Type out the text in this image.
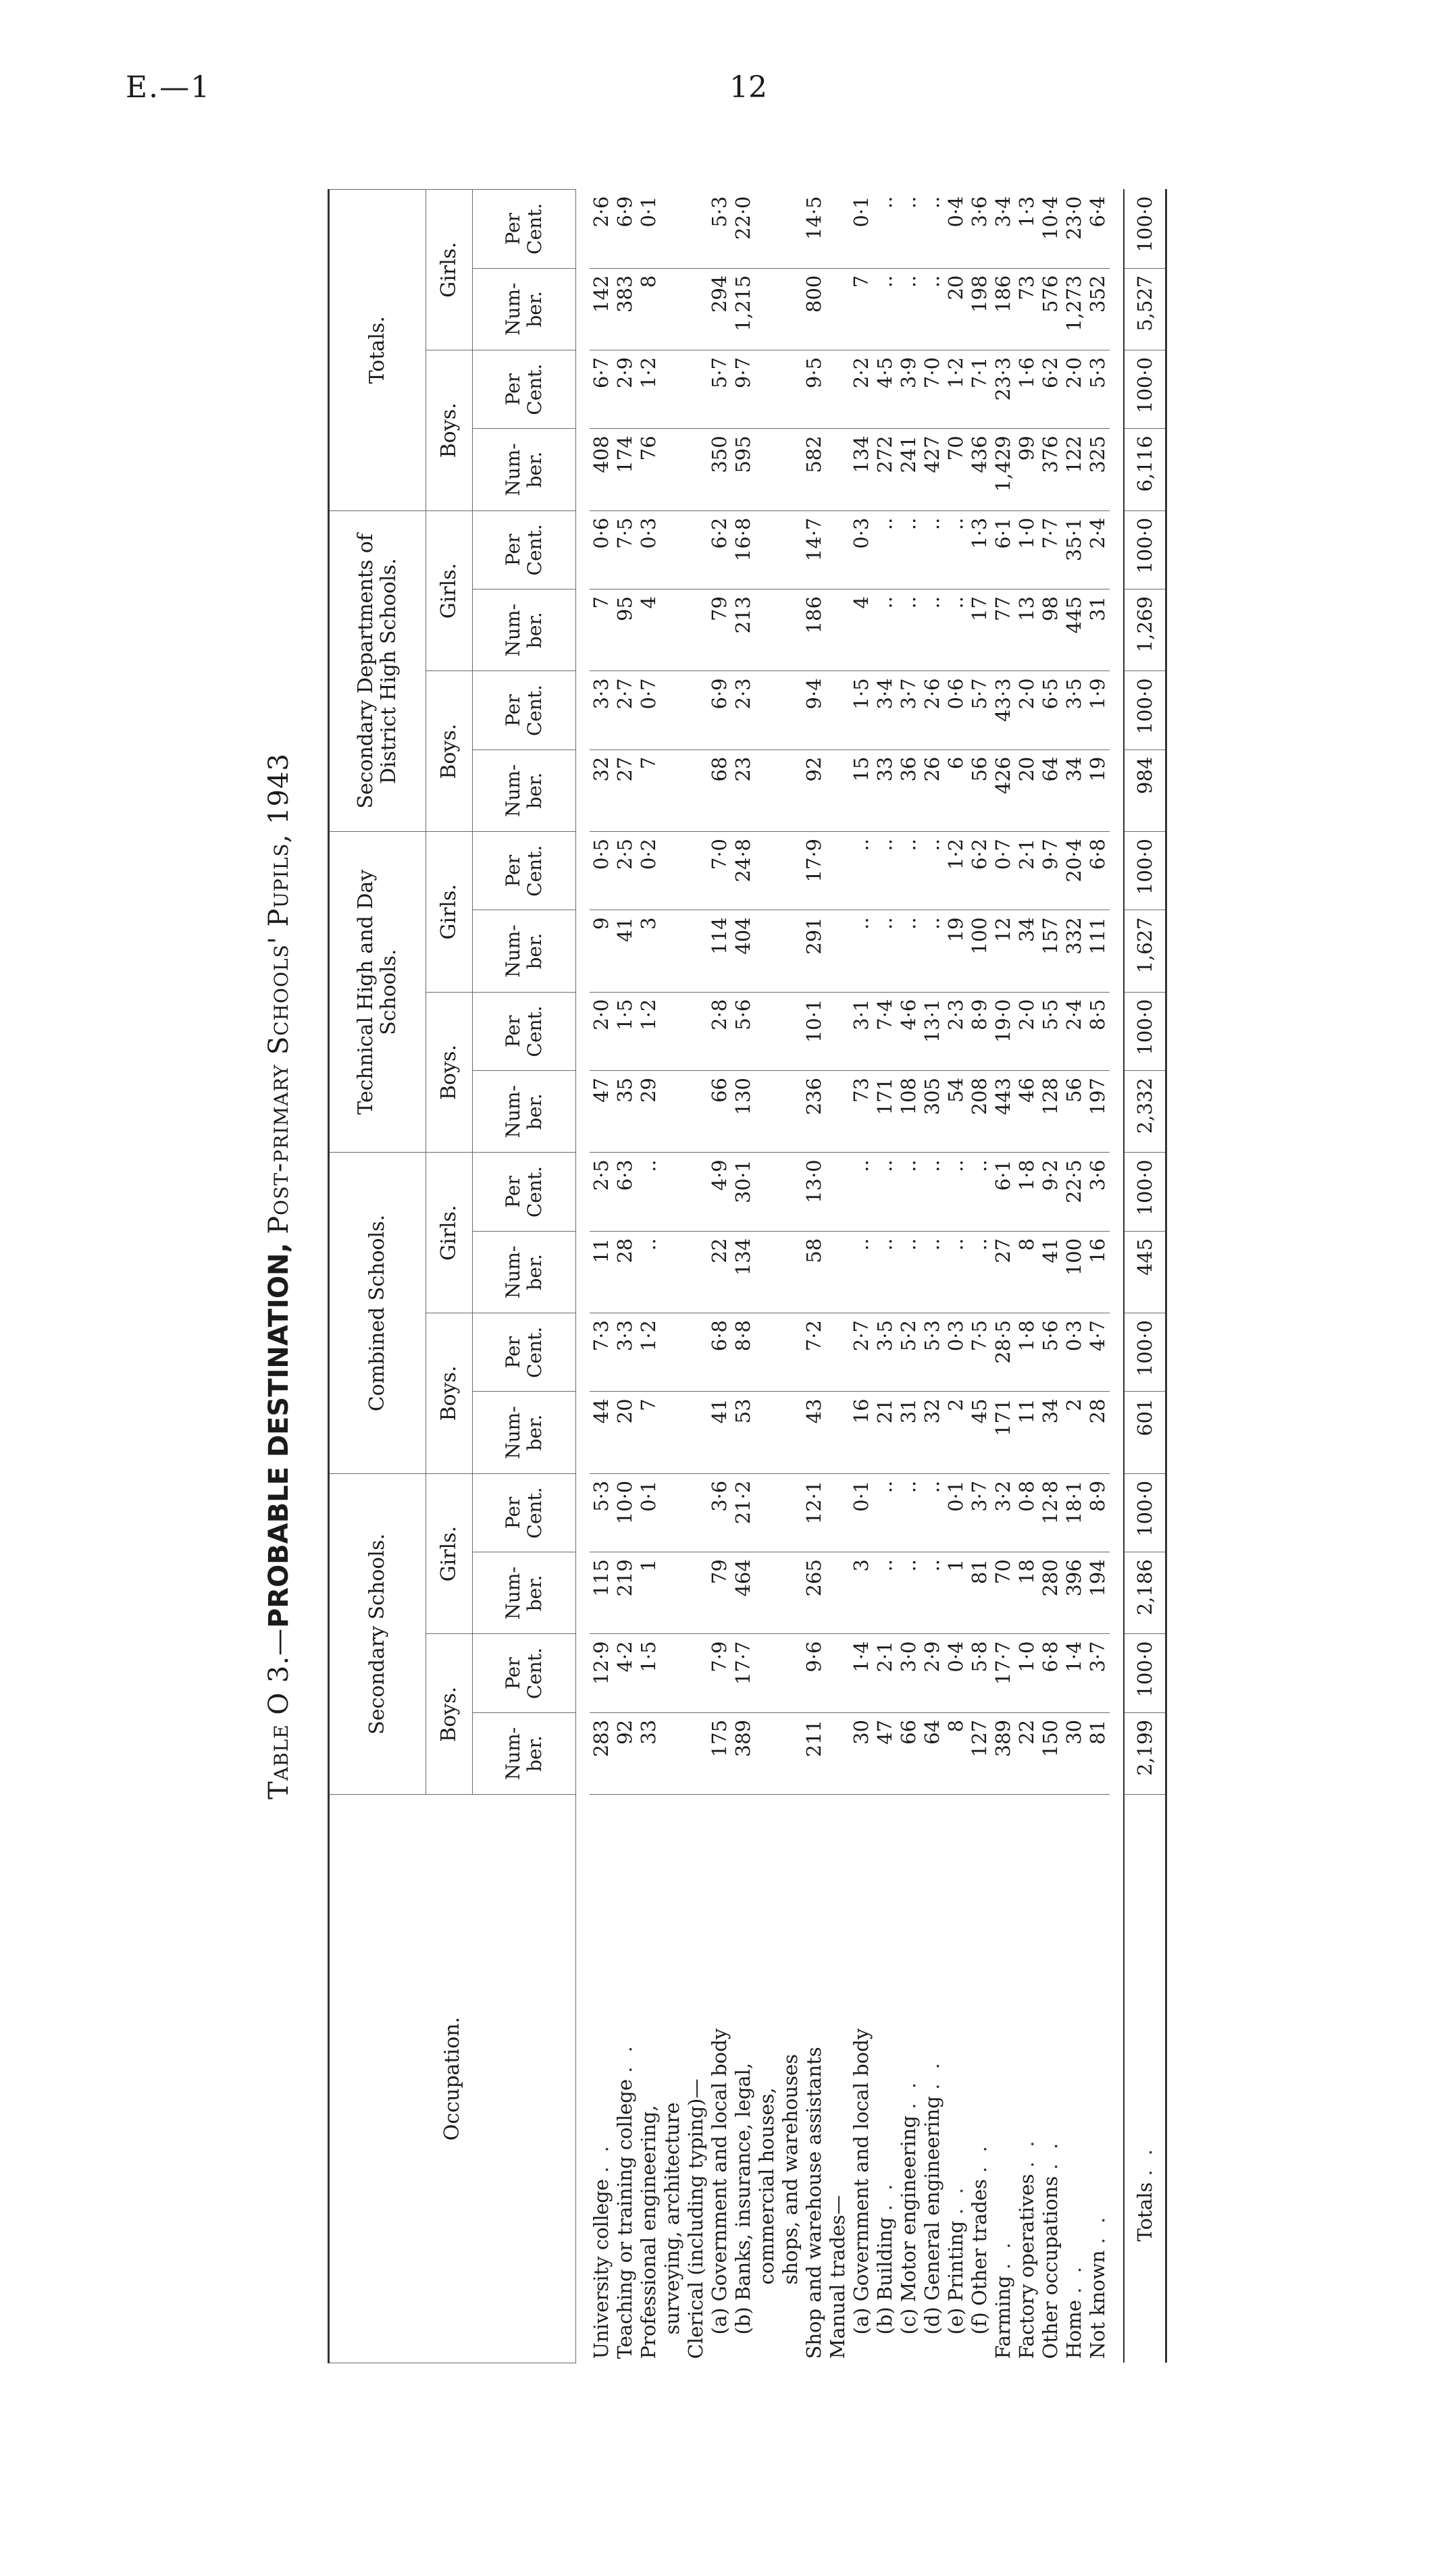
E.—1	12
Table O 3.—PROBABLE DESTINATION, Post-primary Schools' Pupils, 1943
Occupation.	Secondary Schools.				Combined Schools.				Technical High and Day Schools.				Secondary Departments of District High Schools.				Totals.			
	Boys.		Girls.		Boys.		Girls.		Boys.		Girls.		Boys.		Girls.		Boys.		Girls.	
	Num-ber.	Per Cent.	Num-ber.	Per Cent.	Num-ber.	Per Cent.	Num-ber.	Per Cent.	Num-ber.	Per Cent.	Num-ber.	Per Cent.	Num-ber.	Per Cent.	Num-ber.	Per Cent.	Num-ber.	Per Cent.	Num-ber.	Per Cent.

University college . .	283	12·9	115	5·3	44	7·3	11	2·5	47	2·0	9	0·5	32	3·3	7	0·6	408	6·7	142	2·6
Teaching or training college . .	92	4·2	219	10·0	20	3·3	28	6·3	35	1·5	41	2·5	27	2·7	95	7·5	174	2·9	383	6·9
Professional engineering,	33	1·5	1	0·1	7	1·2	..	..	29	1·2	3	0·2	7	0·7	4	0·3	76	1·2	8	0·1
surveying, architecture																				
Clerical (including typing)—																				
(a) Government and local body	175	7·9	79	3·6	41	6·8	22	4·9	66	2·8	114	7·0	68	6·9	79	6·2	350	5·7	294	5·3
(b) Banks, insurance, legal,	389	17·7	464	21·2	53	8·8	134	30·1	130	5·6	404	24·8	23	2·3	213	16·8	595	9·7	1,215	22·0
commercial houses,																				
shops, and warehouses																				
Shop and warehouse assistants	211	9·6	265	12·1	43	7·2	58	13·0	236	10·1	291	17·9	92	9·4	186	14·7	582	9·5	800	14·5
Manual trades—																				
(a) Government and local body	30	1·4	3	0·1	16	2·7	..	..	73	3·1	..	..	15	1·5	4	0·3	134	2·2	7	0·1
(b) Building . .	47	2·1	..	..	21	3·5	..	..	171	7·4	..	..	33	3·4	..	..	272	4·5	..	..
(c) Motor engineering . .	66	3·0	..	..	31	5·2	..	..	108	4·6	..	..	36	3·7	..	..	241	3·9	..	..
(d) General engineering . .	64	2·9	..	..	32	5·3	..	..	305	13·1	..	..	26	2·6	..	..	427	7·0	..	..
(e) Printing . .	8	0·4	1	0·1	2	0·3	..	..	54	2·3	19	1·2	6	0·6	..	..	70	1·2	20	0·4
(f) Other trades . .	127	5·8	81	3·7	45	7·5	..	..	208	8·9	100	6·2	56	5·7	17	1·3	436	7·1	198	3·6
Farming . .	389	17·7	70	3·2	171	28·5	27	6·1	443	19·0	12	0·7	426	43·3	77	6·1	1,429	23·3	186	3·4
Factory operatives . .	22	1·0	18	0·8	11	1·8	8	1·8	46	2·0	34	2·1	20	2·0	13	1·0	99	1·6	73	1·3
Other occupations . .	150	6·8	280	12·8	34	5·6	41	9·2	128	5·5	157	9·7	64	6·5	98	7·7	376	6·2	576	10·4
Home . .	30	1·4	396	18·1	2	0·3	100	22·5	56	2·4	332	20·4	34	3·5	445	35·1	122	2·0	1,273	23·0
Not known . .	81	3·7	194	8·9	28	4·7	16	3·6	197	8·5	111	6·8	19	1·9	31	2·4	325	5·3	352	6·4

Totals . .	2,199	100·0	2,186	100·0	601	100·0	445	100·0	2,332	100·0	1,627	100·0	984	100·0	1,269	100·0	6,116	100·0	5,527	100·0
